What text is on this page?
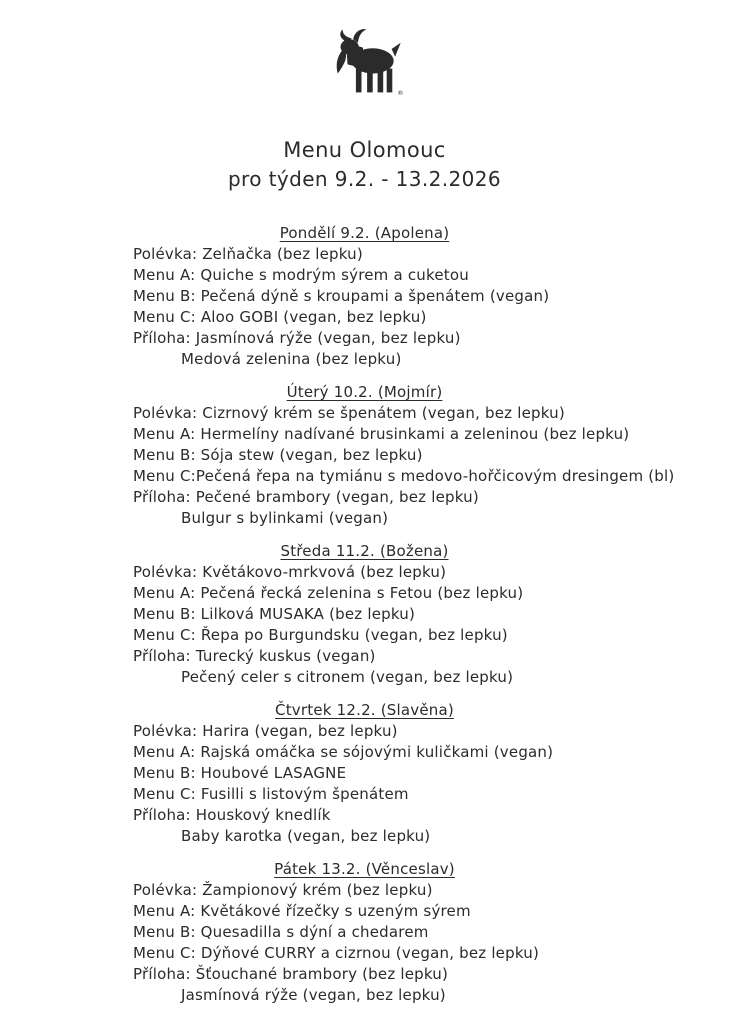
®
Menu Olomouc
pro týden 9.2. - 13.2.2026
Pondělí 9.2. (Apolena)
Polévka: Zelňačka (bez lepku)
Menu A: Quiche s modrým sýrem a cuketou
Menu B: Pečená dýně s kroupami a špenátem (vegan)
Menu C: Aloo GOBI (vegan, bez lepku)
Příloha: Jasmínová rýže (vegan, bez lepku)
Medová zelenina (bez lepku)
Úterý 10.2. (Mojmír)
Polévka: Cizrnový krém se špenátem (vegan, bez lepku)
Menu A: Hermelíny nadívané brusinkami a zeleninou (bez lepku)
Menu B: Sója stew (vegan, bez lepku)
Menu C:Pečená řepa na tymiánu s medovo-hořčicovým dresingem (bl)
Příloha: Pečené brambory (vegan, bez lepku)
Bulgur s bylinkami (vegan)
Středa 11.2. (Božena)
Polévka: Květákovo-mrkvová (bez lepku)
Menu A: Pečená řecká zelenina s Fetou (bez lepku)
Menu B: Lilková MUSAKA (bez lepku)
Menu C: Řepa po Burgundsku (vegan, bez lepku)
Příloha: Turecký kuskus (vegan)
Pečený celer s citronem (vegan, bez lepku)
Čtvrtek 12.2. (Slavěna)
Polévka: Harira (vegan, bez lepku)
Menu A: Rajská omáčka se sójovými kuličkami (vegan)
Menu B: Houbové LASAGNE
Menu C: Fusilli s listovým špenátem
Příloha: Houskový knedlík
Baby karotka (vegan, bez lepku)
Pátek 13.2. (Věnceslav)
Polévka: Žampionový krém (bez lepku)
Menu A: Květákové řízečky s uzeným sýrem
Menu B: Quesadilla s dýní a chedarem
Menu C: Dýňové CURRY a cizrnou (vegan, bez lepku)
Příloha: Šťouchané brambory (bez lepku)
Jasmínová rýže (vegan, bez lepku)
